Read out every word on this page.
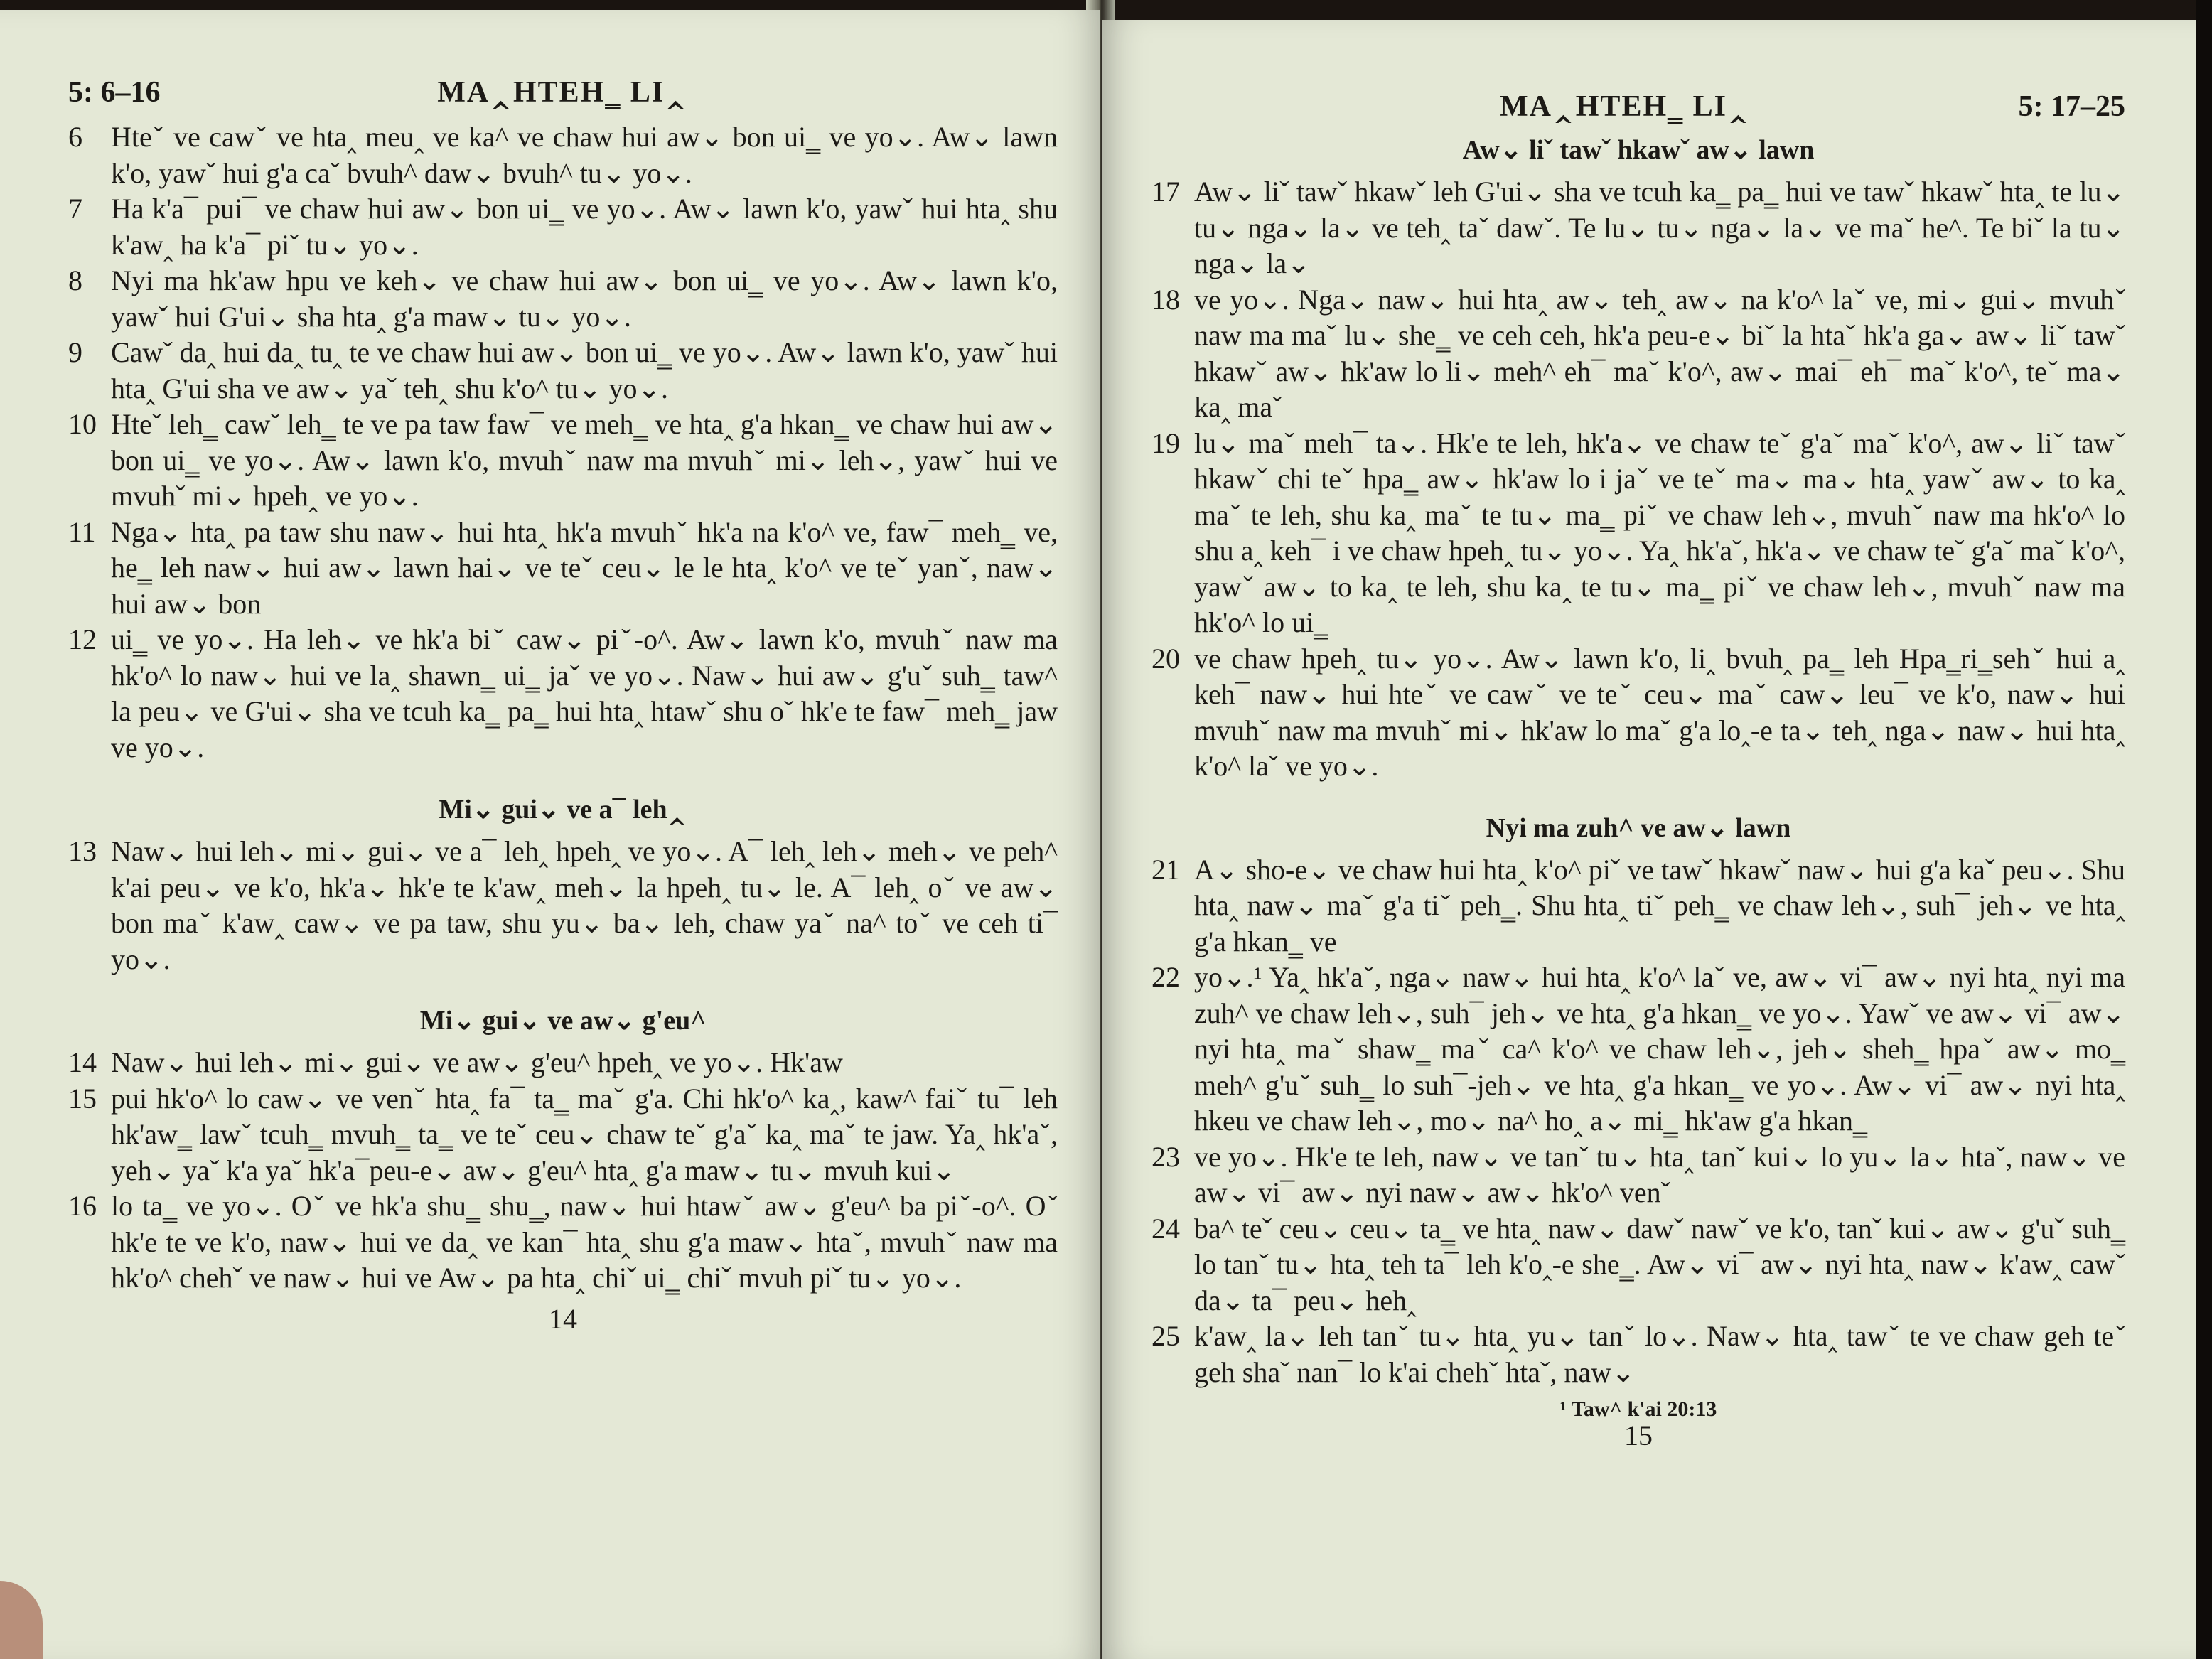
5: 6–16	MA‸HTEH‗ LI‸
6	Hteˇ ve cawˇ ve hta‸ meu‸ ve ka^ ve chaw hui aw⌄ bon ui‗ ve yo⌄. Aw⌄ lawn k'o, yawˇ hui g'a caˇ bvuh^ daw⌄ bvuh^ tu⌄ yo⌄.
7	Ha k'a¯ pui¯ ve chaw hui aw⌄ bon ui‗ ve yo⌄. Aw⌄ lawn k'o, yawˇ hui hta‸ shu k'aw‸ ha k'a¯ piˇ tu⌄ yo⌄.
8	Nyi ma hk'aw hpu ve keh⌄ ve chaw hui aw⌄ bon ui‗ ve yo⌄. Aw⌄ lawn k'o, yawˇ hui G'ui⌄ sha hta‸ g'a maw⌄ tu⌄ yo⌄.
9	Cawˇ da‸ hui da‸ tu‸ te ve chaw hui aw⌄ bon ui‗ ve yo⌄. Aw⌄ lawn k'o, yawˇ hui hta‸ G'ui sha ve aw⌄ yaˇ teh‸ shu k'o^ tu⌄ yo⌄.
10 Hteˇ leh‗ cawˇ leh‗ te ve pa taw faw¯ ve meh‗ ve hta‸ g'a hkan‗ ve chaw hui aw⌄ bon ui‗ ve yo⌄. Aw⌄ lawn k'o, mvuhˇ naw ma mvuhˇ mi⌄ leh⌄, yawˇ hui ve mvuhˇ mi⌄ hpeh‸ ve yo⌄.
11 Nga⌄ hta‸ pa taw shu naw⌄ hui hta‸ hk'a mvuhˇ hk'a na k'o^ ve, faw¯ meh‗ ve, he‗ leh naw⌄ hui aw⌄ lawn hai⌄ ve teˇ ceu⌄ le le hta‸ k'o^ ve teˇ yanˇ, naw⌄ hui aw⌄ bon
12 ui‗ ve yo⌄. Ha leh⌄ ve hk'a biˇ caw⌄ piˇ-o^. Aw⌄ lawn k'o, mvuhˇ naw ma hk'o^ lo naw⌄ hui ve la‸ shawn‗ ui‗ jaˇ ve yo⌄. Naw⌄ hui aw⌄ g'uˇ suh‗ taw^ la peu⌄ ve G'ui⌄ sha ve tcuh ka‗ pa‗ hui hta‸ htawˇ shu oˇ hk'e te faw¯ meh‗ jaw ve yo⌄.
Mi⌄ gui⌄ ve a¯ leh‸
13 Naw⌄ hui leh⌄ mi⌄ gui⌄ ve a¯ leh‸ hpeh‸ ve yo⌄. A¯ leh‸ leh⌄ meh⌄ ve peh^ k'ai peu⌄ ve k'o, hk'a⌄ hk'e te k'aw‸ meh⌄ la hpeh‸ tu⌄ le. A¯ leh‸ oˇ ve aw⌄ bon maˇ k'aw‸ caw⌄ ve pa taw, shu yu⌄ ba⌄ leh, chaw yaˇ na^ toˇ ve ceh ti¯ yo⌄.
Mi⌄ gui⌄ ve aw⌄ g'eu^
14 Naw⌄ hui leh⌄ mi⌄ gui⌄ ve aw⌄ g'eu^ hpeh‸ ve yo⌄. Hk'aw
15 pui hk'o^ lo caw⌄ ve venˇ hta‸ fa¯ ta‗ maˇ g'a. Chi hk'o^ ka‸, kaw^ faiˇ tu¯ leh hk'aw‗ lawˇ tcuh‗ mvuh‗ ta‗ ve teˇ ceu⌄ chaw teˇ g'aˇ ka‸ maˇ te jaw. Ya‸ hk'aˇ, yeh⌄ yaˇ k'a yaˇ hk'a¯peu-e⌄ aw⌄ g'eu^ hta‸ g'a maw⌄ tu⌄ mvuh kui⌄
16 lo ta‗ ve yo⌄. Oˇ ve hk'a shu‗ shu‗, naw⌄ hui htawˇ aw⌄ g'eu^ ba piˇ-o^. Oˇ hk'e te ve k'o, naw⌄ hui ve da‸ ve kan¯ hta‸ shu g'a maw⌄ htaˇ, mvuhˇ naw ma hk'o^ chehˇ ve naw⌄ hui ve Aw⌄ pa hta‸ chiˇ ui‗ chiˇ mvuh piˇ tu⌄ yo⌄.
14
MA‸HTEH‗ LI‸	5: 17–25
Aw⌄ liˇ tawˇ hkawˇ aw⌄ lawn
17 Aw⌄ liˇ tawˇ hkawˇ leh G'ui⌄ sha ve tcuh ka‗ pa‗ hui ve tawˇ hkawˇ hta‸ te lu⌄ tu⌄ nga⌄ la⌄ ve teh‸ taˇ dawˇ. Te lu⌄ tu⌄ nga⌄ la⌄ ve maˇ he^. Te biˇ la tu⌄ nga⌄ la⌄
18 ve yo⌄. Nga⌄ naw⌄ hui hta‸ aw⌄ teh‸ aw⌄ na k'o^ laˇ ve, mi⌄ gui⌄ mvuhˇ naw ma maˇ lu⌄ she‗ ve ceh ceh, hk'a peu-e⌄ biˇ la htaˇ hk'a ga⌄ aw⌄ liˇ tawˇ hkawˇ aw⌄ hk'aw lo li⌄ meh^ eh¯ maˇ k'o^, aw⌄ mai¯ eh¯ maˇ k'o^, teˇ ma⌄ ka‸ maˇ
19 lu⌄ maˇ meh¯ ta⌄. Hk'e te leh, hk'a⌄ ve chaw teˇ g'aˇ maˇ k'o^, aw⌄ liˇ tawˇ hkawˇ chi teˇ hpa‗ aw⌄ hk'aw lo i jaˇ ve teˇ ma⌄ ma⌄ hta‸ yawˇ aw⌄ to ka‸ maˇ te leh, shu ka‸ maˇ te tu⌄ ma‗ piˇ ve chaw leh⌄, mvuhˇ naw ma hk'o^ lo shu a‸ keh¯ i ve chaw hpeh‸ tu⌄ yo⌄. Ya‸ hk'aˇ, hk'a⌄ ve chaw teˇ g'aˇ maˇ k'o^, yawˇ aw⌄ to ka‸ te leh, shu ka‸ te tu⌄ ma‗ piˇ ve chaw leh⌄, mvuhˇ naw ma hk'o^ lo ui‗
20 ve chaw hpeh‸ tu⌄ yo⌄. Aw⌄ lawn k'o, li‸ bvuh‸ pa‗ leh Hpa‗ri‗sehˇ hui a‸ keh¯ naw⌄ hui hteˇ ve cawˇ ve teˇ ceu⌄ maˇ caw⌄ leu¯ ve k'o, naw⌄ hui mvuhˇ naw ma mvuhˇ mi⌄ hk'aw lo maˇ g'a lo‸-e ta⌄ teh‸ nga⌄ naw⌄ hui hta‸ k'o^ laˇ ve yo⌄.
Nyi ma zuh^ ve aw⌄ lawn
21 A⌄ sho-e⌄ ve chaw hui hta‸ k'o^ piˇ ve tawˇ hkawˇ naw⌄ hui g'a kaˇ peu⌄. Shu hta‸ naw⌄ maˇ g'a tiˇ peh‗. Shu hta‸ tiˇ peh‗ ve chaw leh⌄, suh¯ jeh⌄ ve hta‸ g'a hkan‗ ve
22 yo⌄.¹ Ya‸ hk'aˇ, nga⌄ naw⌄ hui hta‸ k'o^ laˇ ve, aw⌄ vi¯ aw⌄ nyi hta‸ nyi ma zuh^ ve chaw leh⌄, suh¯ jeh⌄ ve hta‸ g'a hkan‗ ve yo⌄. Yawˇ ve aw⌄ vi¯ aw⌄ nyi hta‸ maˇ shaw‗ maˇ ca^ k'o^ ve chaw leh⌄, jeh⌄ sheh‗ hpaˇ aw⌄ mo‗ meh^ g'uˇ suh‗ lo suh¯-jeh⌄ ve hta‸ g'a hkan‗ ve yo⌄. Aw⌄ vi¯ aw⌄ nyi hta‸ hkeu ve chaw leh⌄, mo⌄ na^ ho‸ a⌄ mi‗ hk'aw g'a hkan‗
23 ve yo⌄. Hk'e te leh, naw⌄ ve tanˇ tu⌄ hta‸ tanˇ kui⌄ lo yu⌄ la⌄ htaˇ, naw⌄ ve aw⌄ vi¯ aw⌄ nyi naw⌄ aw⌄ hk'o^ venˇ
24 ba^ teˇ ceu⌄ ceu⌄ ta‗ ve hta‸ naw⌄ dawˇ nawˇ ve k'o, tanˇ kui⌄ aw⌄ g'uˇ suh‗ lo tanˇ tu⌄ hta‸ teh ta¯ leh k'o‸-e she‗. Aw⌄ vi¯ aw⌄ nyi hta‸ naw⌄ k'aw‸ cawˇ da⌄ ta¯ peu⌄ heh‸
25 k'aw‸ la⌄ leh tanˇ tu⌄ hta‸ yu⌄ tanˇ lo⌄. Naw⌄ hta‸ tawˇ te ve chaw geh teˇ geh shaˇ nan¯ lo k'ai chehˇ htaˇ, naw⌄
¹ Taw^ k'ai 20:13
15
